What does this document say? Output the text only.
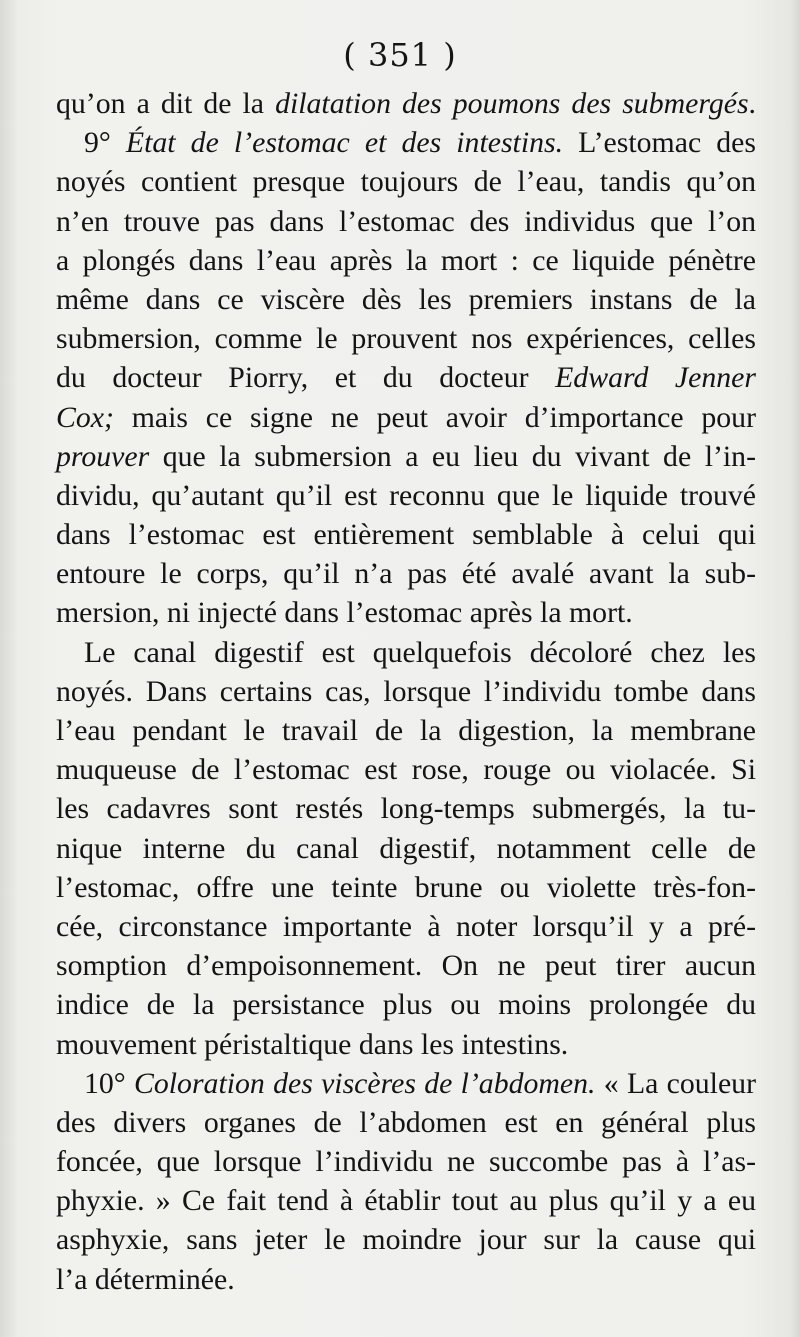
( 351 )
qu’on a dit de la dilatation des poumons des submergés.
9° État de l’estomac et des intestins. L’estomac des
noyés contient presque toujours de l’eau, tandis qu’on
n’en trouve pas dans l’estomac des individus que l’on
a plongés dans l’eau après la mort : ce liquide pénètre
même dans ce viscère dès les premiers instans de la
submersion, comme le prouvent nos expériences, celles
du docteur Piorry, et du docteur Edward Jenner
Cox; mais ce signe ne peut avoir d’importance pour
prouver que la submersion a eu lieu du vivant de l’in-
dividu, qu’autant qu’il est reconnu que le liquide trouvé
dans l’estomac est entièrement semblable à celui qui
entoure le corps, qu’il n’a pas été avalé avant la sub-
mersion, ni injecté dans l’estomac après la mort.
Le canal digestif est quelquefois décoloré chez les
noyés. Dans certains cas, lorsque l’individu tombe dans
l’eau pendant le travail de la digestion, la membrane
muqueuse de l’estomac est rose, rouge ou violacée. Si
les cadavres sont restés long-temps submergés, la tu-
nique interne du canal digestif, notamment celle de
l’estomac, offre une teinte brune ou violette très-fon-
cée, circonstance importante à noter lorsqu’il y a pré-
somption d’empoisonnement. On ne peut tirer aucun
indice de la persistance plus ou moins prolongée du
mouvement péristaltique dans les intestins.
10° Coloration des viscères de l’abdomen. « La couleur
des divers organes de l’abdomen est en général plus
foncée, que lorsque l’individu ne succombe pas à l’as-
phyxie. » Ce fait tend à établir tout au plus qu’il y a eu
asphyxie, sans jeter le moindre jour sur la cause qui
l’a déterminée.
